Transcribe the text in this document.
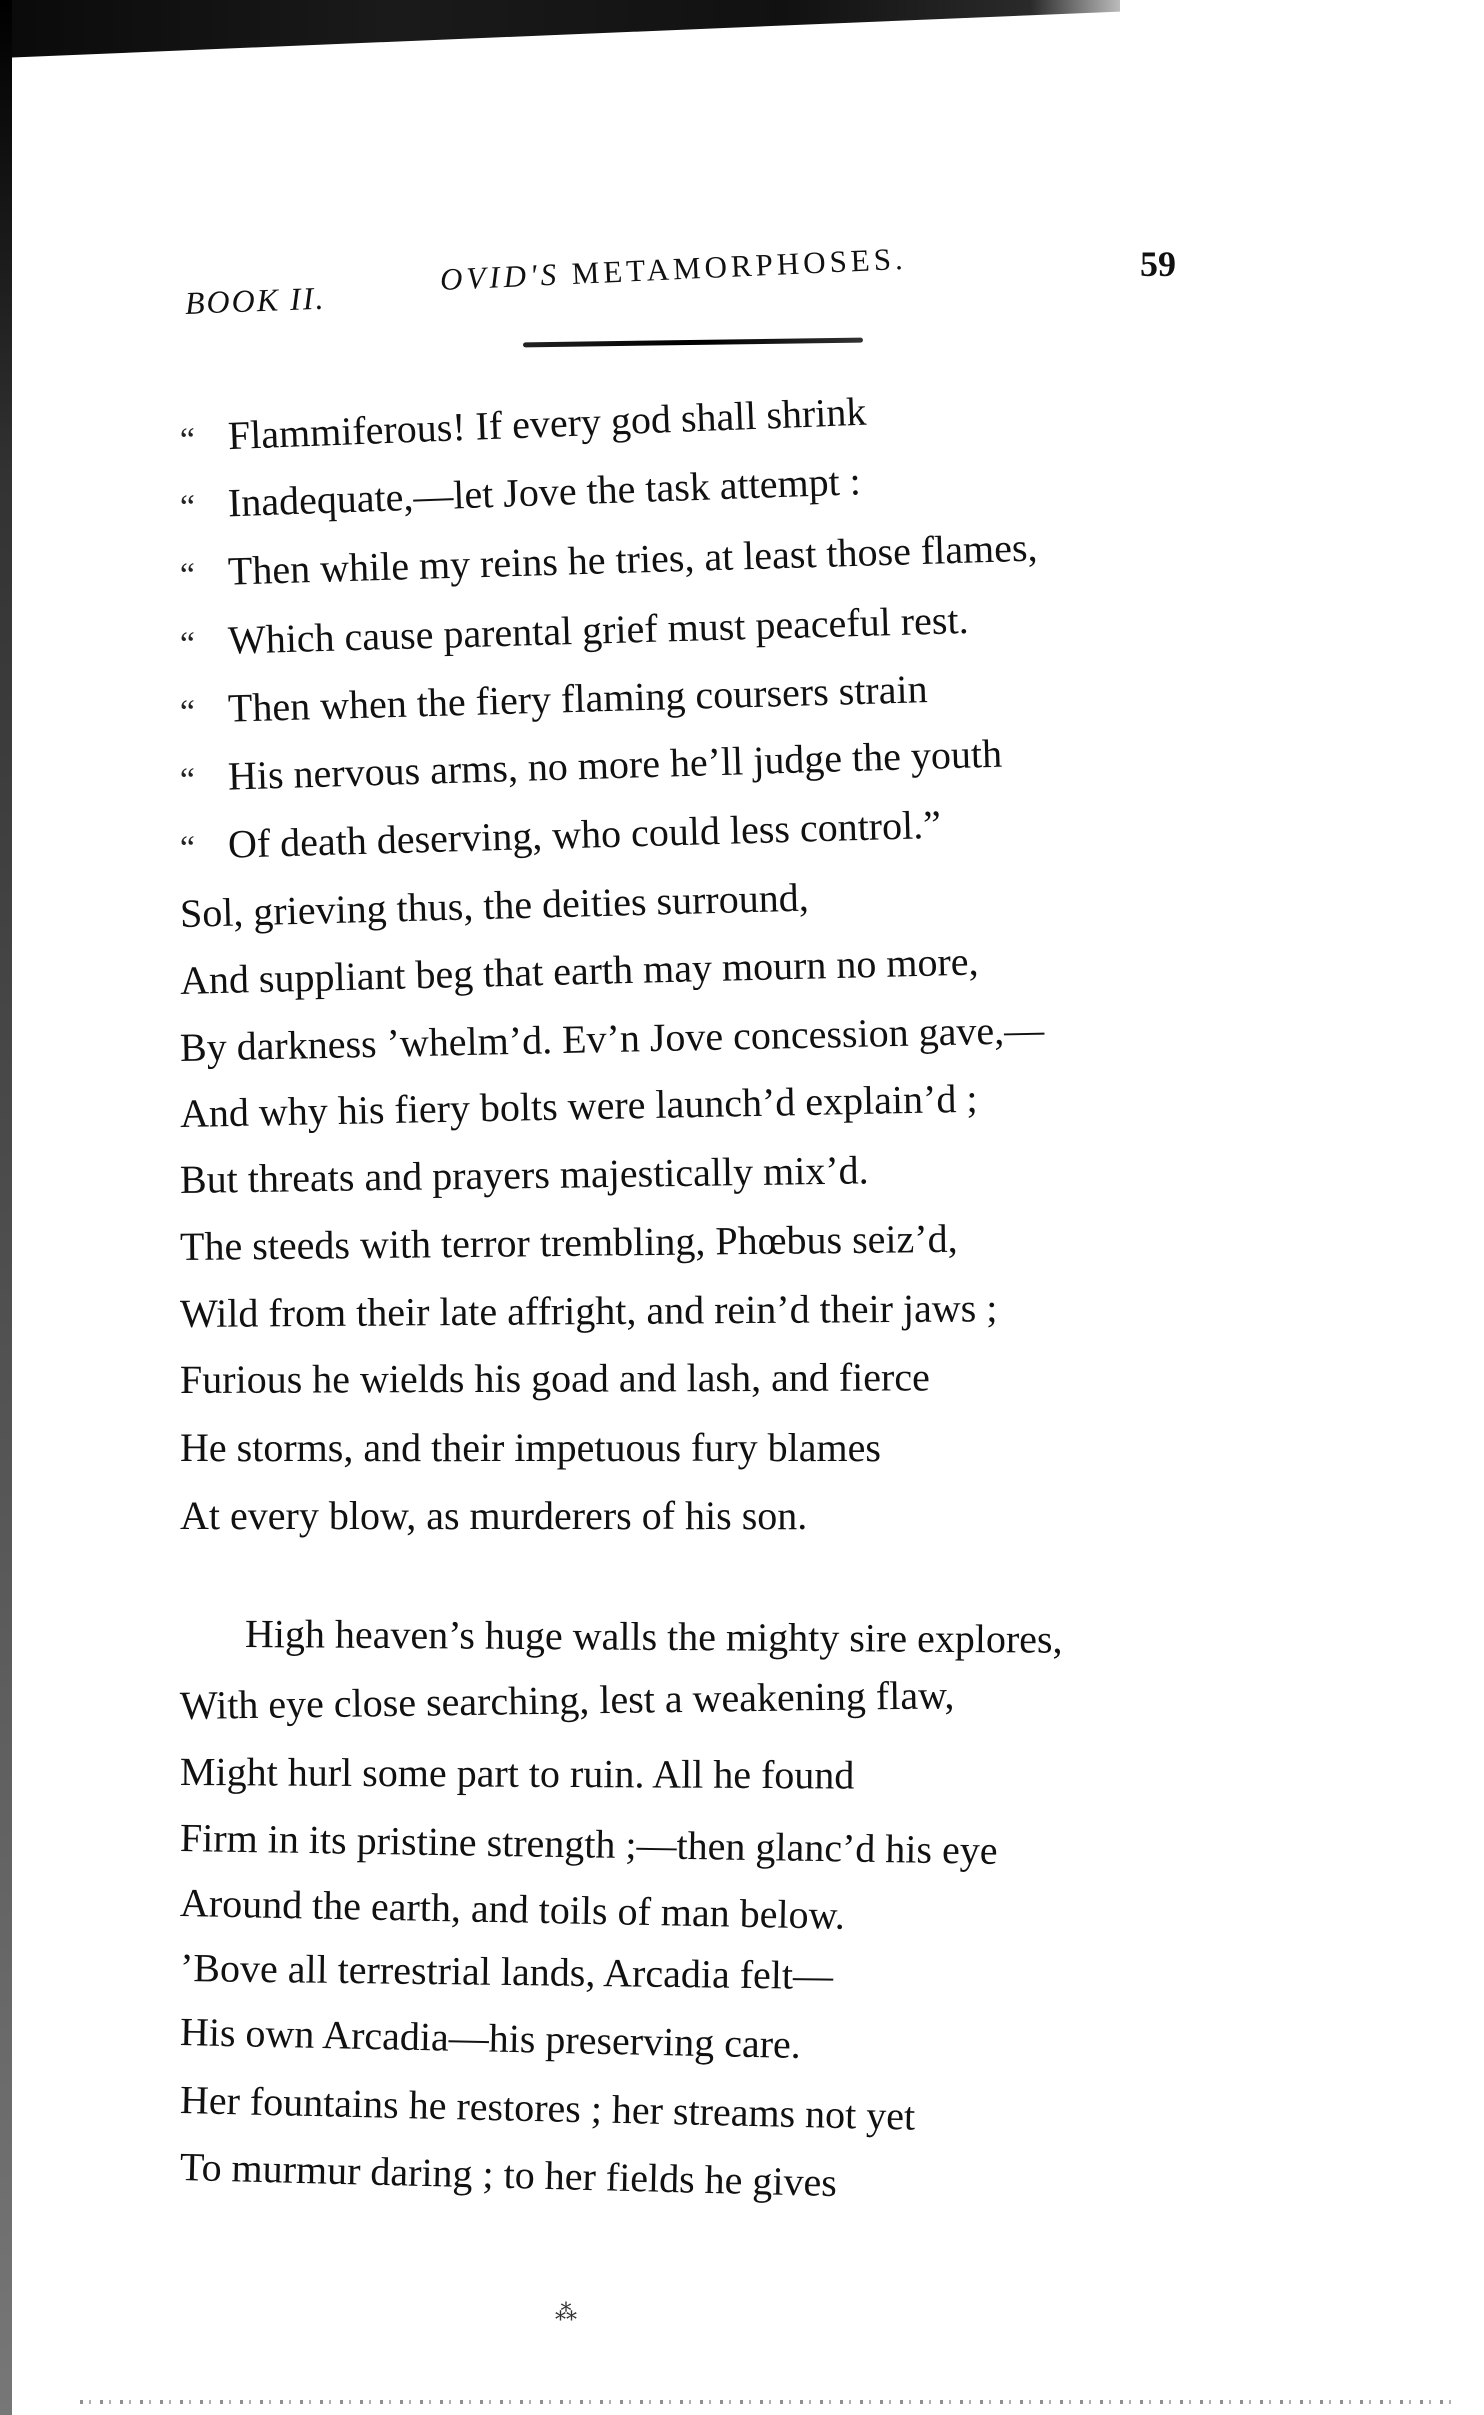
BOOK II.
OVID'S METAMORPHOSES.	59
“ Flammiferous! If every god shall shrink
“ Inadequate,—let Jove the task attempt :
“ Then while my reins he tries, at least those flames,
“ Which cause parental grief must peaceful rest.
“ Then when the fiery flaming coursers strain
“ His nervous arms, no more he’ll judge the youth
“ Of death deserving, who could less control.”
Sol, grieving thus, the deities surround,
And suppliant beg that earth may mourn no more,
By darkness ’whelm’d. Ev’n Jove concession gave,—
And why his fiery bolts were launch’d explain’d ;
But threats and prayers majestically mix’d.
The steeds with terror trembling, Phœbus seiz’d,
Wild from their late affright, and rein’d their jaws ;
Furious he wields his goad and lash, and fierce
He storms, and their impetuous fury blames
At every blow, as murderers of his son.
High heaven’s huge walls the mighty sire explores,
With eye close searching, lest a weakening flaw,
Might hurl some part to ruin. All he found
Firm in its pristine strength ;—then glanc’d his eye
Around the earth, and toils of man below.
’Bove all terrestrial lands, Arcadia felt—
His own Arcadia—his preserving care.
Her fountains he restores ; her streams not yet
To murmur daring ; to her fields he gives
⁂
